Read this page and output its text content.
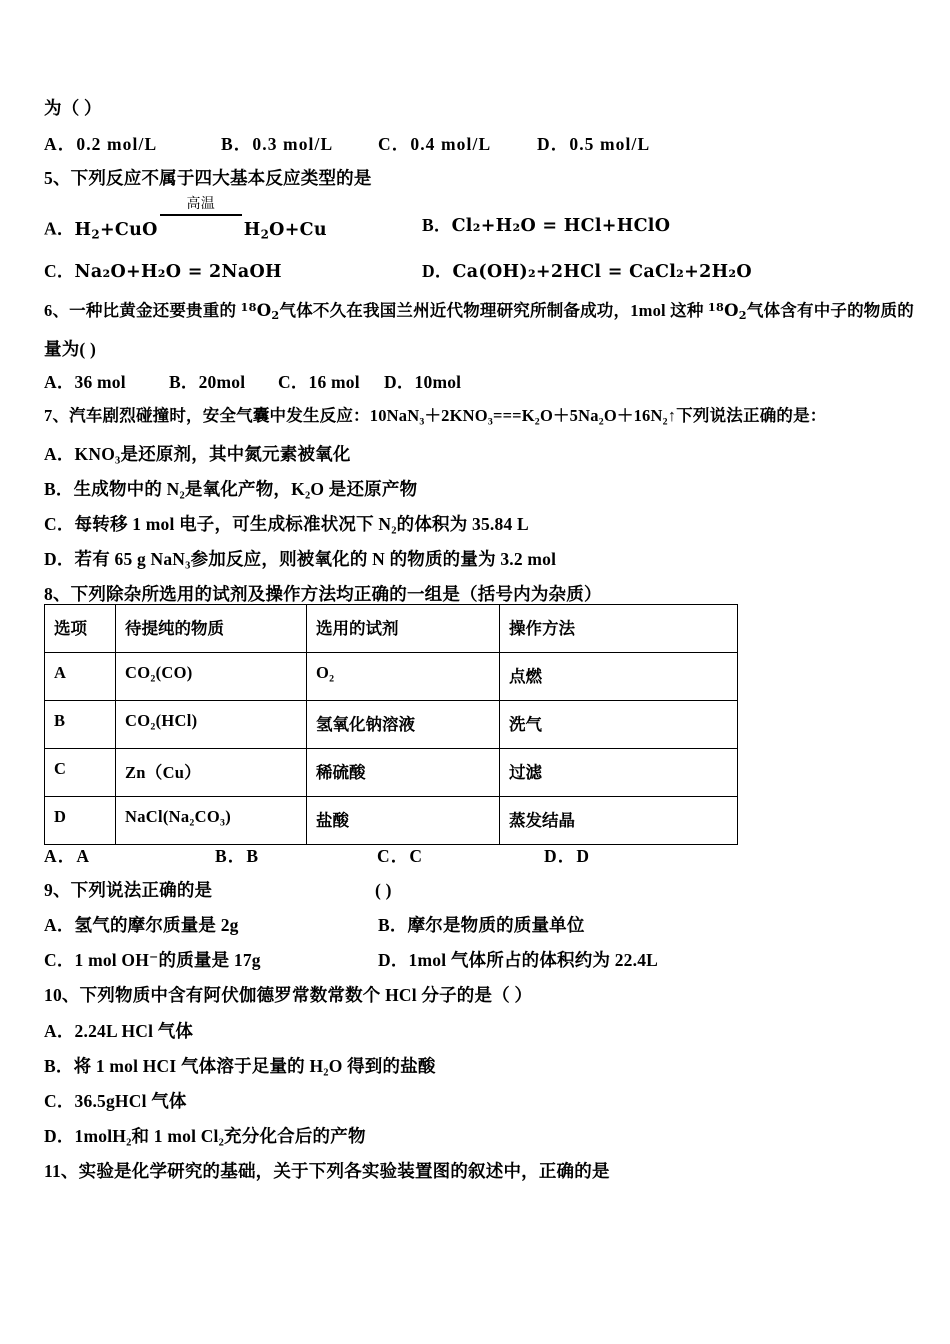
为（ ）
A．0.2 mol/L	B．0.3 mol/L	C．0.4 mol/L	D．0.5 mol/L
5、下列反应不属于四大基本反应类型的是
A．$H_2+CuO$
高温
$H_2O+Cu$	B．Cl₂+H₂O = HCl+HClO
C．Na₂O+H₂O = 2NaOH	D．Ca(OH)₂+2HCl = CaCl₂+2H₂O
6、一种比黄金还要贵重的 $^{18}O_2$气体不久在我国兰州近代物理研究所制备成功，1mol 这种 $^{18}O_2$气体含有中子的物质的
量为( )
A．36 mol B．20mol C．16 mol D．10mol
7、汽车剧烈碰撞时，安全气囊中发生反应：10NaN₃＋2KNO₃===K₂O＋5Na₂O＋16N₂↑下列说法正确的是：
A．KNO₃是还原剂，其中氮元素被氧化
B．生成物中的 N₂是氧化产物，K₂O 是还原产物
C．每转移 1 mol 电子，可生成标准状况下 N₂的体积为 35.84 L
D．若有 65 g NaN₃参加反应，则被氧化的 N 的物质的量为 3.2 mol
8、下列除杂所选用的试剂及操作方法均正确的一组是（括号内为杂质）
选项	待提纯的物质	选用的试剂	操作方法
A	CO₂(CO)	O₂	点燃
B	CO₂(HCl)	氢氧化钠溶液	洗气
C	Zn（Cu）	稀硫酸	过滤
D	NaCl(Na₂CO₃)	盐酸	蒸发结晶
A．A	B．B	C．C	D．D
9、下列说法正确的是	( )
A．氢气的摩尔质量是 2g	B．摩尔是物质的质量单位
C．1 mol OH⁻的质量是 17g	D．1mol 气体所占的体积约为 22.4L
10、下列物质中含有阿伏伽德罗常数常数个 HCl 分子的是（ ）
A．2.24L HCl 气体
B．将 1 mol HCI 气体溶于足量的 H₂O 得到的盐酸
C．36.5gHCl 气体
D．1molH₂和 1 mol Cl₂充分化合后的产物
11、实验是化学研究的基础，关于下列各实验装置图的叙述中，正确的是
